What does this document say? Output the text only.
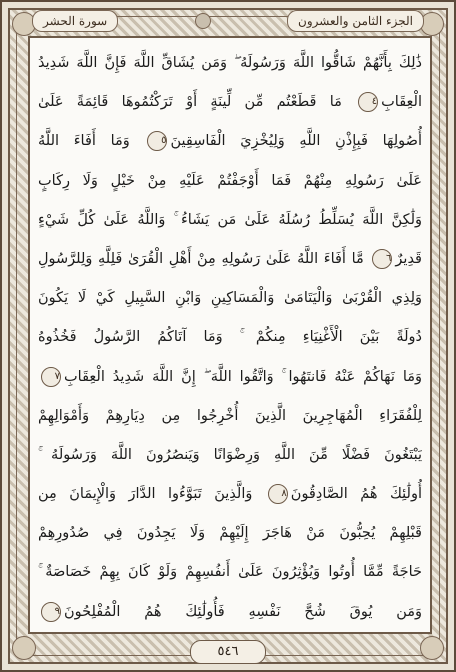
الجزء الثامن والعشرون
سورة الحشر
ذَٰلِكَ بِأَنَّهُمْ شَاقُّوا اللَّهَ وَرَسُولَهُ ۖ وَمَن يُشَاقِّ اللَّهَ فَإِنَّ اللَّهَ شَدِيدُ
الْعِقَابِ٤ مَا قَطَعْتُم مِّن لِّينَةٍ أَوْ تَرَكْتُمُوهَا قَائِمَةً عَلَىٰ
أُصُولِهَا فَبِإِذْنِ اللَّهِ وَلِيُخْزِيَ الْفَاسِقِينَ٥ وَمَا أَفَاءَ اللَّهُ
عَلَىٰ رَسُولِهِ مِنْهُمْ فَمَا أَوْجَفْتُمْ عَلَيْهِ مِنْ خَيْلٍ وَلَا رِكَابٍ
وَلَٰكِنَّ اللَّهَ يُسَلِّطُ رُسُلَهُ عَلَىٰ مَن يَشَاءُ ۚ وَاللَّهُ عَلَىٰ كُلِّ شَيْءٍ
قَدِيرٌ٦ مَّا أَفَاءَ اللَّهُ عَلَىٰ رَسُولِهِ مِنْ أَهْلِ الْقُرَىٰ فَلِلَّهِ وَلِلرَّسُولِ
وَلِذِي الْقُرْبَىٰ وَالْيَتَامَىٰ وَالْمَسَاكِينِ وَابْنِ السَّبِيلِ كَيْ لَا يَكُونَ
دُولَةً بَيْنَ الْأَغْنِيَاءِ مِنكُمْ ۚ وَمَا آتَاكُمُ الرَّسُولُ فَخُذُوهُ
وَمَا نَهَاكُمْ عَنْهُ فَانتَهُوا ۚ وَاتَّقُوا اللَّهَ ۖ إِنَّ اللَّهَ شَدِيدُ الْعِقَابِ٧
لِلْفُقَرَاءِ الْمُهَاجِرِينَ الَّذِينَ أُخْرِجُوا مِن دِيَارِهِمْ وَأَمْوَالِهِمْ
يَبْتَغُونَ فَضْلًا مِّنَ اللَّهِ وَرِضْوَانًا وَيَنصُرُونَ اللَّهَ وَرَسُولَهُ ۚ
أُولَٰئِكَ هُمُ الصَّادِقُونَ٨ وَالَّذِينَ تَبَوَّءُوا الدَّارَ وَالْإِيمَانَ مِن
قَبْلِهِمْ يُحِبُّونَ مَنْ هَاجَرَ إِلَيْهِمْ وَلَا يَجِدُونَ فِي صُدُورِهِمْ
حَاجَةً مِّمَّا أُوتُوا وَيُؤْثِرُونَ عَلَىٰ أَنفُسِهِمْ وَلَوْ كَانَ بِهِمْ خَصَاصَةٌ ۚ
وَمَن يُوقَ شُحَّ نَفْسِهِ فَأُولَٰئِكَ هُمُ الْمُفْلِحُونَ٩
٥٤٦
